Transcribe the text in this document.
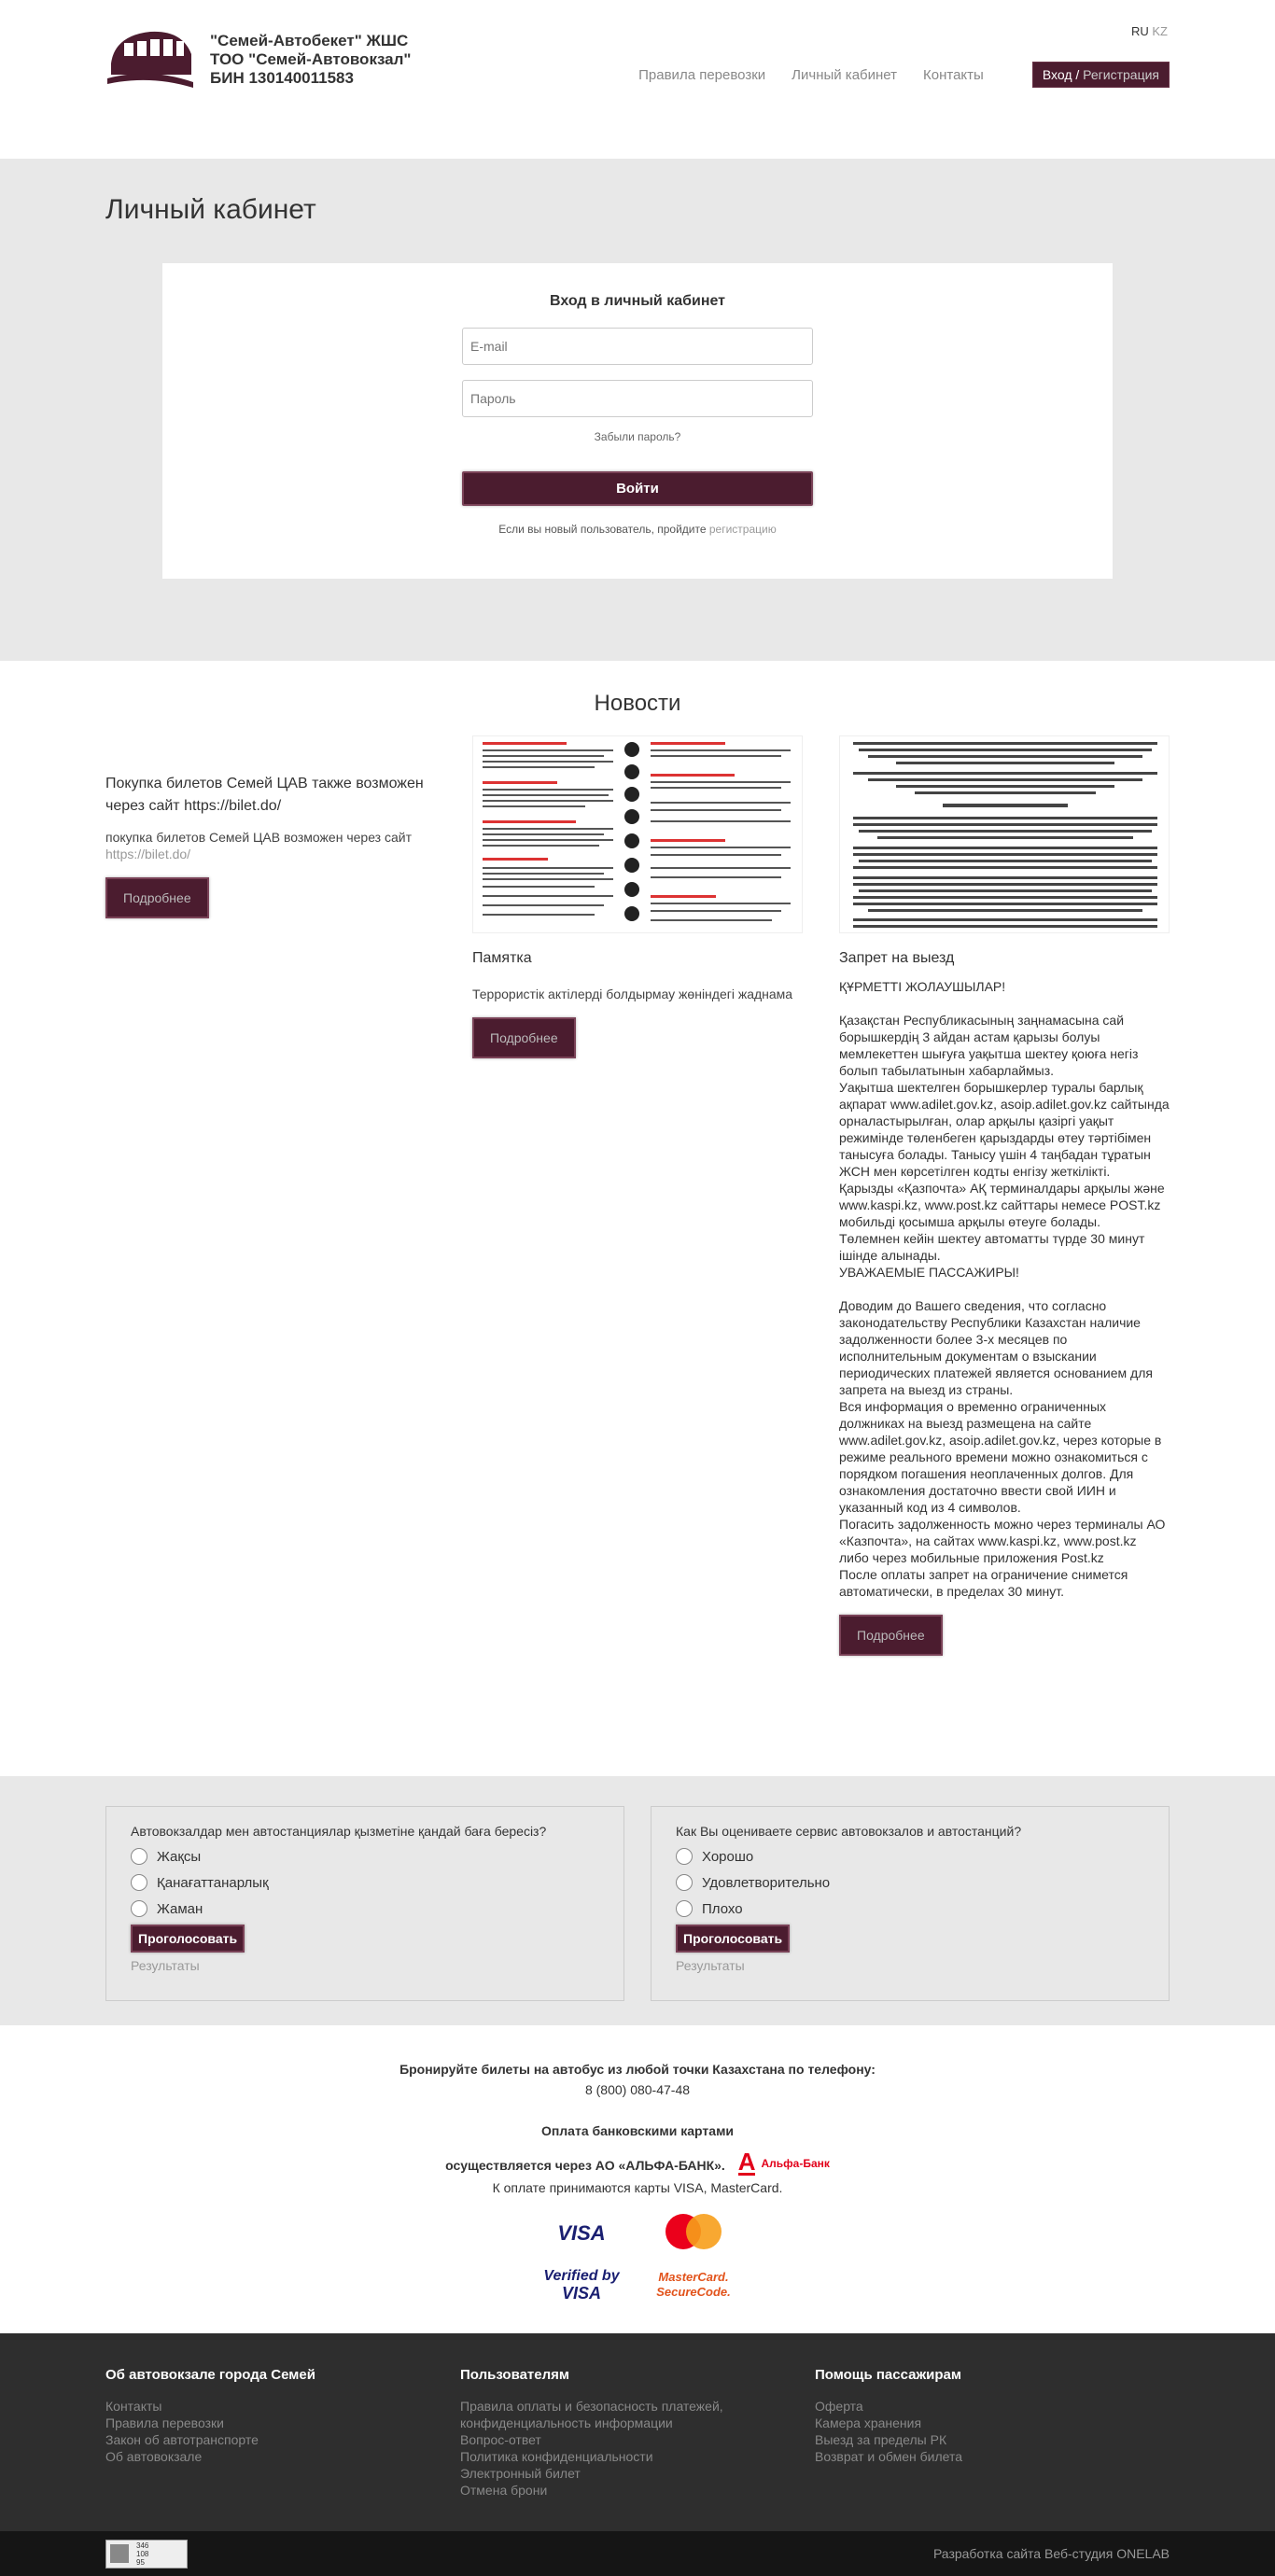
"Семей-Автобекет" ЖШС
ТОО "Семей-Автовокзал"
БИН 130140011583
RU KZ
Правила перевозки Личный кабинет Контакты	Вход / Регистрация
Личный кабинет
Вход в личный кабинет
E-mail
Забыли пароль?
Войти
Если вы новый пользователь, пройдите регистрацию
Новости
Покупка билетов Семей ЦАВ также возможен через сайт https://bilet.do/
покупка билетов Семей ЦАВ возможен через сайт https://bilet.do/
Подробнее
Памятка
Террористік актілерді болдырмау жөніндегі жаднама
Подробнее
Запрет на выезд

ҚҰРМЕТТІ ЖОЛАУШЫЛАР!

Қазақстан Республикасының заңнамасына сай борышкердің 3 айдан астам қарызы болуы мемлекеттен шығуға уақытша шектеу қоюға негіз болып табылатынын хабарлаймыз.

Уақытша шектелген борышкерлер туралы барлық ақпарат www.adilet.gov.kz, asoip.adilet.gov.kz сайтында орналастырылған, олар арқылы қазіргі уақыт режимінде төленбеген қарыздарды өтеу тәртібімен танысуға болады. Танысу үшін 4 таңбадан тұратын ЖСН мен көрсетілген кодты енгізу жеткілікті.

Қарызды «Қазпочта» АҚ терминалдары арқылы және www.kaspi.kz, www.post.kz сайттары немесе POST.kz мобильді қосымша арқылы өтеуге болады.

Төлемнен кейін шектеу автоматты түрде 30 минут ішінде алынады.

УВАЖАЕМЫЕ ПАССАЖИРЫ!

Доводим до Вашего сведения, что согласно законодательству Республики Казахстан наличие задолженности более 3-х месяцев по исполнительным документам о взыскании периодических платежей является основанием для запрета на выезд из страны.

Вся информация о временно ограниченных должниках на выезд размещена на сайте www.adilet.gov.kz, asoip.adilet.gov.kz, через которые в режиме реального времени можно ознакомиться с порядком погашения неоплаченных долгов. Для ознакомления достаточно ввести свой ИИН и указанный код из 4 символов.

Погасить задолженность можно через терминалы АО «Казпочта», на сайтах www.kaspi.kz, www.post.kz либо через мобильные приложения Post.kz

После оплаты запрет на ограничение снимется автоматически, в пределах 30 минут.

Подробнее
Автовокзалдар мен автостанциялар қызметіне қандай баға бересіз?
Жақсы
Қанағаттанарлық
Жаман
Проголосовать
Результаты
Как Вы оцениваете сервис автовокзалов и автостанций?
Хорошо
Удовлетворительно
Плохо
Проголосовать
Результаты
Бронируйте билеты на автобус из любой точки Казахстана по телефону:
8 (800) 080-47-48
Оплата банковскими картами
осуществляется через АО «АЛЬФА-БАНК». А Альфа-Банк
К оплате принимаются карты VISA, MasterCard.
VISA
Verified by
VISA
MasterCard.
SecureCode.
Об автовокзале города Семей
Контакты
Правила перевозки
Закон об автотранспорте
Об автовокзале
Пользователям
Правила оплаты и безопасность платежей, конфиденциальность информации
Вопрос-ответ
Политика конфиденциальности
Электронный билет
Отмена брони
Помощь пассажирам
Оферта
Камера хранения
Выезд за пределы РК
Возврат и обмен билета
346
108
95
Разработка сайта Веб-студия ONELAB
